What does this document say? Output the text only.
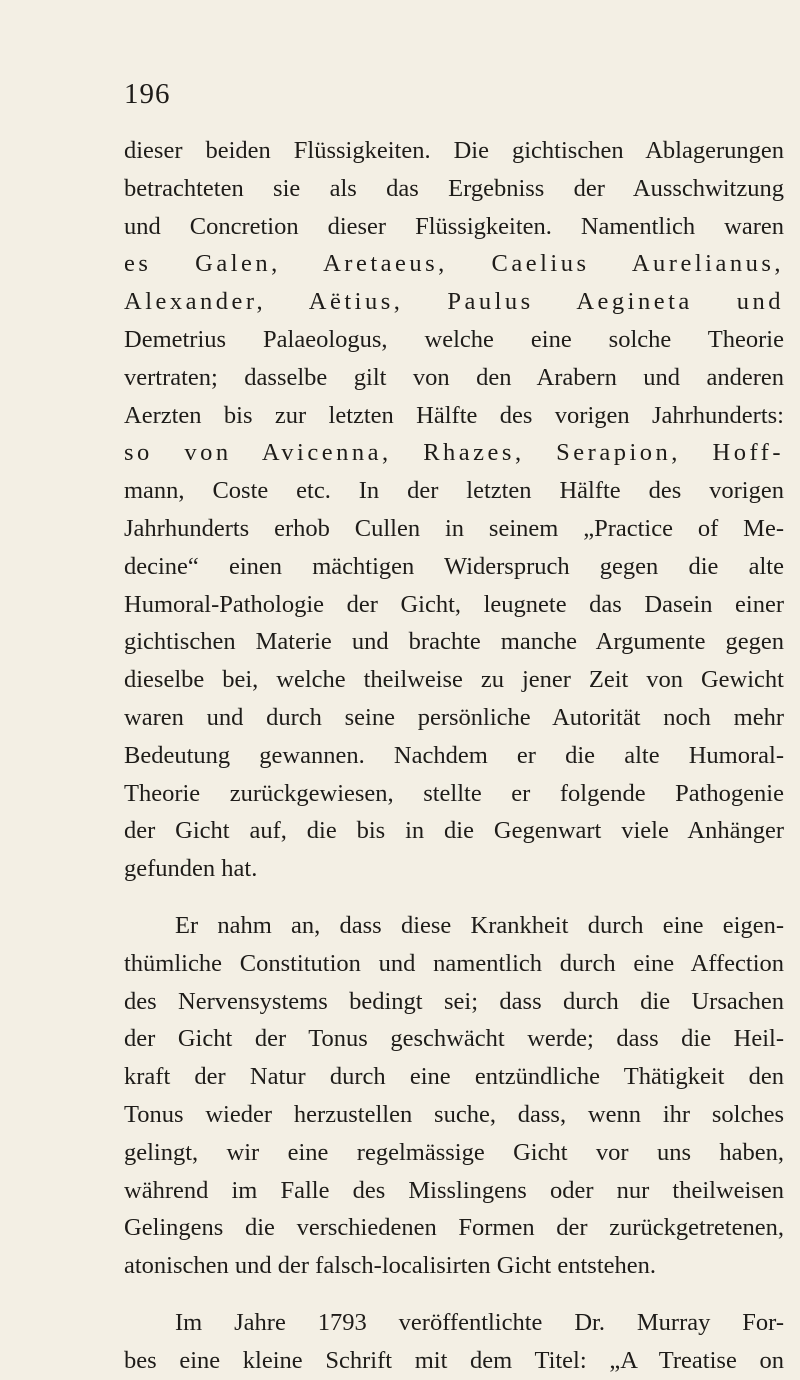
196
dieser beiden Flüssigkeiten. Die gichtischen Ablagerungen
betrachteten sie als das Ergebniss der Ausschwitzung
und Concretion dieser Flüssigkeiten. Namentlich waren
es Galen, Aretaeus, Caelius Aurelianus,
Alexander, Aëtius, Paulus Aegineta und
Demetrius Palaeologus, welche eine solche Theorie
vertraten; dasselbe gilt von den Arabern und anderen
Aerzten bis zur letzten Hälfte des vorigen Jahrhunderts:
so von Avicenna, Rhazes, Serapion, Hoff-
mann, Coste etc. In der letzten Hälfte des vorigen
Jahrhunderts erhob Cullen in seinem „Practice of Me-
decine“ einen mächtigen Widerspruch gegen die alte
Humoral-Pathologie der Gicht, leugnete das Dasein einer
gichtischen Materie und brachte manche Argumente gegen
dieselbe bei, welche theilweise zu jener Zeit von Gewicht
waren und durch seine persönliche Autorität noch mehr
Bedeutung gewannen. Nachdem er die alte Humoral-
Theorie zurückgewiesen, stellte er folgende Pathogenie
der Gicht auf, die bis in die Gegenwart viele Anhänger
gefunden hat.
Er nahm an, dass diese Krankheit durch eine eigen-
thümliche Constitution und namentlich durch eine Affection
des Nervensystems bedingt sei; dass durch die Ursachen
der Gicht der Tonus geschwächt werde; dass die Heil-
kraft der Natur durch eine entzündliche Thätigkeit den
Tonus wieder herzustellen suche, dass, wenn ihr solches
gelingt, wir eine regelmässige Gicht vor uns haben,
während im Falle des Misslingens oder nur theilweisen
Gelingens die verschiedenen Formen der zurückgetretenen,
atonischen und der falsch-localisirten Gicht entstehen.
Im Jahre 1793 veröffentlichte Dr. Murray For-
bes eine kleine Schrift mit dem Titel: „A Treatise on
